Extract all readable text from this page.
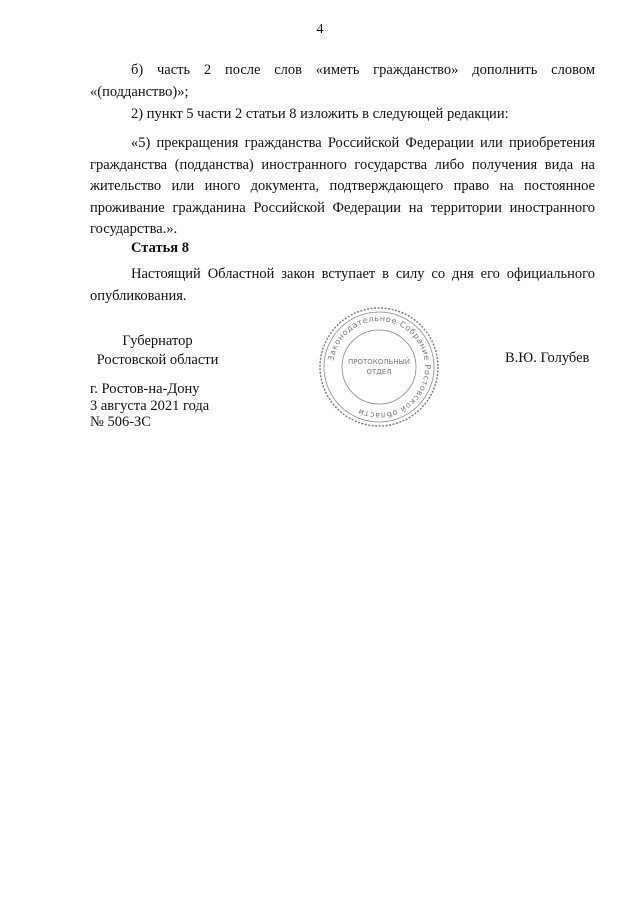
4

б) часть 2 после слов «иметь гражданство» дополнить словом «(подданство)»;

2) пункт 5 части 2 статьи 8 изложить в следующей редакции:

«5) прекращения гражданства Российской Федерации или приобретения гражданства (подданства) иностранного государства либо получения вида на жительство или иного документа, подтверждающего право на постоянное проживание гражданина Российской Федерации на территории иностранного государства.».

Статья 8

Настоящий Областной закон вступает в силу со дня его официального опубликования.

Губернатор
Ростовской области	Законодательное Собрание Ростовской области
ПРОТОКОЛЬНЫЙ
ОТДЕЛ
В.Ю. Голубев
г. Ростов-на-Дону
3 августа 2021 года
№ 506-ЗС
